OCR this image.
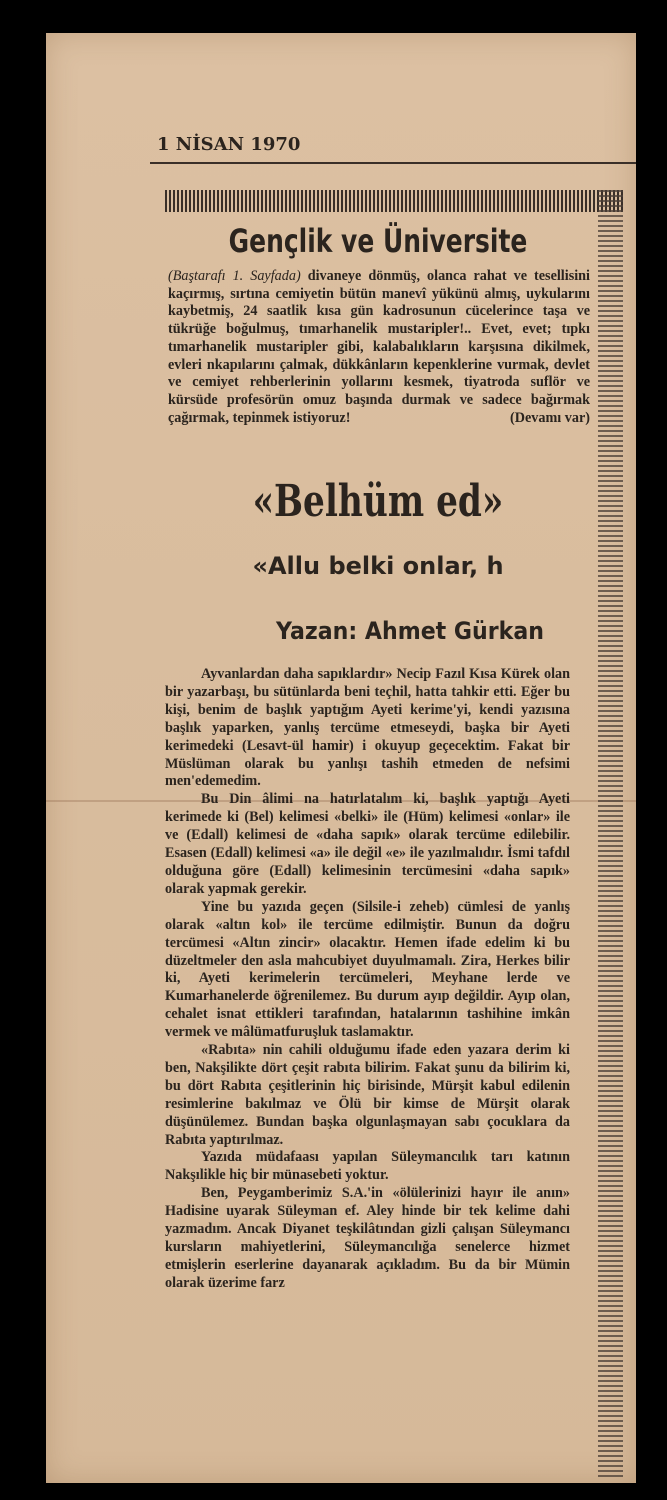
1 NİSAN 1970
Gençlik ve Üniversite
(Baştarafı 1. Sayfada) divaneye dönmüş, olanca rahat ve tesellisini kaçırmış, sırtına cemiyetin bütün manevî yükünü almış, uykularını kaybetmiş, 24 saatlik kısa gün kadrosunun cücelerince taşa ve tükrüğe boğulmuş, tımarhanelik mustaripler!.. Evet, evet; tıpkı tımarhanelik mustaripler gibi, kalabalıkların karşısına dikilmek, evleri nkapılarını çalmak, dükkânların kepenklerine vurmak, devlet ve cemiyet rehberlerinin yollarını kesmek, tiyatroda suflör ve kürsüde profesörün omuz başında durmak ve sadece bağırmak çağırmak, tepinmek istiyoruz!	(Devamı var)
«Belhüm ed»
«Allu belki onlar, h
Yazan: Ahmet Gürkan

Ayvanlardan daha sapıklardır» Necip Fazıl Kısa Kürek olan bir yazarbaşı, bu sütünlarda beni teçhil, hatta tahkir etti. Eğer bu kişi, benim de başlık yaptığım Ayeti kerime'yi, kendi yazısına başlık yaparken, yanlış tercüme etmeseydi, başka bir Ayeti kerimedeki (Lesavt-ül hamir) i okuyup geçecektim. Fakat bir Müslüman olarak bu yanlışı tashih etmeden de nefsimi men'edemedim.

Bu Din âlimi na hatırlatalım ki, başlık yaptığı Ayeti kerimede ki (Bel) kelimesi «belki» ile (Hüm) kelimesi «onlar» ile ve (Edall) kelimesi de «daha sapık» olarak tercüme edilebilir. Esasen (Edall) kelimesi «a» ile değil «e» ile yazılmalıdır. İsmi tafdıl olduğuna göre (Edall) kelimesinin tercümesini «daha sapık» olarak yapmak gerekir.

Yine bu yazıda geçen (Silsile-i zeheb) cümlesi de yanlış olarak «altın kol» ile tercüme edilmiştir. Bunun da doğru tercümesi «Altın zincir» olacaktır. Hemen ifade edelim ki bu düzeltmeler den asla mahcubiyet duyulmamalı. Zira, Herkes bilir ki, Ayeti kerimelerin tercümeleri, Meyhane lerde ve Kumarhanelerde öğrenilemez. Bu durum ayıp değildir. Ayıp olan, cehalet isnat ettikleri tarafından, hatalarının tashihine imkân vermek ve mâlümatfuruşluk taslamaktır.

«Rabıta» nin cahili olduğumu ifade eden yazara derim ki ben, Nakşilikte dört çeşit rabıta bilirim. Fakat şunu da bilirim ki, bu dört Rabıta çeşitlerinin hiç birisinde, Mürşit kabul edilenin resimlerine bakılmaz ve Ölü bir kimse de Mürşit olarak düşünülemez. Bundan başka olgunlaşmayan sabı çocuklara da Rabıta yaptırılmaz.

Yazıda müdafaası yapılan Süleymancılık tarı katının Nakşılikle hiç bir münasebeti yoktur.

Ben, Peygamberimiz S.A.'in «ölülerinizi hayır ile anın» Hadisine uyarak Süleyman ef. Aley hinde bir tek kelime dahi yazmadım. Ancak Diyanet teşkilâtından gizli çalışan Süleymancı kursların mahiyetlerini, Süleymancılığa senelerce hizmet etmişlerin eserlerine dayanarak açıkladım. Bu da bir Mümin olarak üzerime farz
